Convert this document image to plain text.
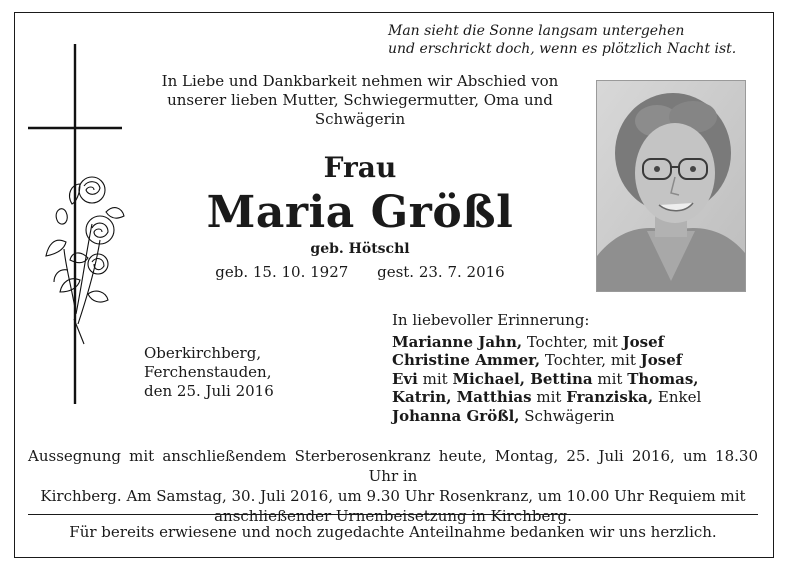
Man sieht die Sonne langsam untergehen
und erschrickt doch, wenn es plötzlich Nacht ist.
In Liebe und Dankbarkeit nehmen wir Abschied von
unserer lieben Mutter, Schwiegermutter, Oma und
Schwägerin
Frau
Maria Größl
geb. Hötschl
geb. 15. 10. 1927 gest. 23. 7. 2016
Oberkirchberg,
Ferchenstauden,
den 25. Juli 2016
In liebevoller Erinnerung:
Marianne Jahn, Tochter, mit Josef
Christine Ammer, Tochter, mit Josef
Evi mit Michael, Bettina mit Thomas,
Katrin, Matthias mit Franziska, Enkel
Johanna Größl, Schwägerin
Aussegnung mit anschließendem Sterberosenkranz heute, Montag, 25. Juli 2016, um 18.30 Uhr in
Kirchberg. Am Samstag, 30. Juli 2016, um 9.30 Uhr Rosenkranz, um 10.00 Uhr Requiem mit
anschließender Urnenbeisetzung in Kirchberg.
Für bereits erwiesene und noch zugedachte Anteilnahme bedanken wir uns herzlich.
